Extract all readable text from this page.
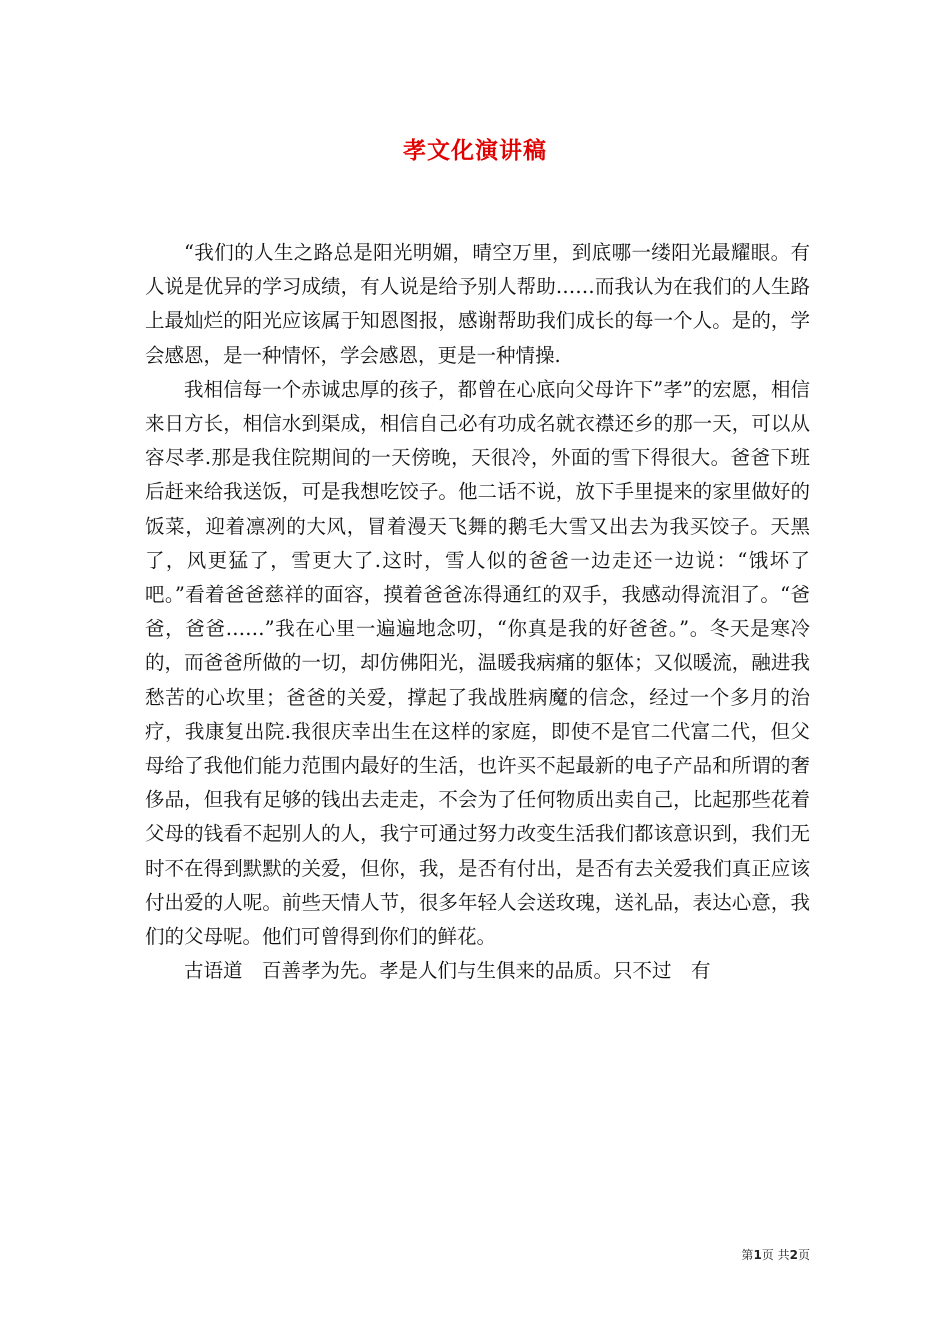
孝文化演讲稿

“我们的人生之路总是阳光明媚，晴空万里，到底哪一缕阳光最耀眼。有人说是优异的学习成绩，有人说是给予别人帮助……而我认为在我们的人生路上最灿烂的阳光应该属于知恩图报，感谢帮助我们成长的每一个人。是的，学会感恩，是一种情怀，学会感恩，更是一种情操.

我相信每一个赤诚忠厚的孩子，都曾在心底向父母许下”孝”的宏愿，相信来日方长，相信水到渠成，相信自己必有功成名就衣襟还乡的那一天，可以从容尽孝.那是我住院期间的一天傍晚，天很冷，外面的雪下得很大。爸爸下班后赶来给我送饭，可是我想吃饺子。他二话不说，放下手里提来的家里做好的饭菜，迎着凛冽的大风，冒着漫天飞舞的鹅毛大雪又出去为我买饺子。天黑了，风更猛了，雪更大了.这时，雪人似的爸爸一边走还一边说：“饿坏了吧。”看着爸爸慈祥的面容，摸着爸爸冻得通红的双手，我感动得流泪了。“爸爸，爸爸……”我在心里一遍遍地念叨，“你真是我的好爸爸。”。冬天是寒冷的，而爸爸所做的一切，却仿佛阳光，温暖我病痛的躯体；又似暖流，融进我愁苦的心坎里；爸爸的关爱，撑起了我战胜病魔的信念，经过一个多月的治疗，我康复出院.我很庆幸出生在这样的家庭，即使不是官二代富二代，但父母给了我他们能力范围内最好的生活，也许买不起最新的电子产品和所谓的奢侈品，但我有足够的钱出去走走，不会为了任何物质出卖自己，比起那些花着父母的钱看不起别人的人，我宁可通过努力改变生活我们都该意识到，我们无时不在得到默默的关爱，但你，我，是否有付出，是否有去关爱我们真正应该付出爱的人呢。前些天情人节，很多年轻人会送玫瑰，送礼品，表达心意，我们的父母呢。他们可曾得到你们的鲜花。

古语道　百善孝为先。孝是人们与生俱来的品质。只不过　有

第1页 共2页
